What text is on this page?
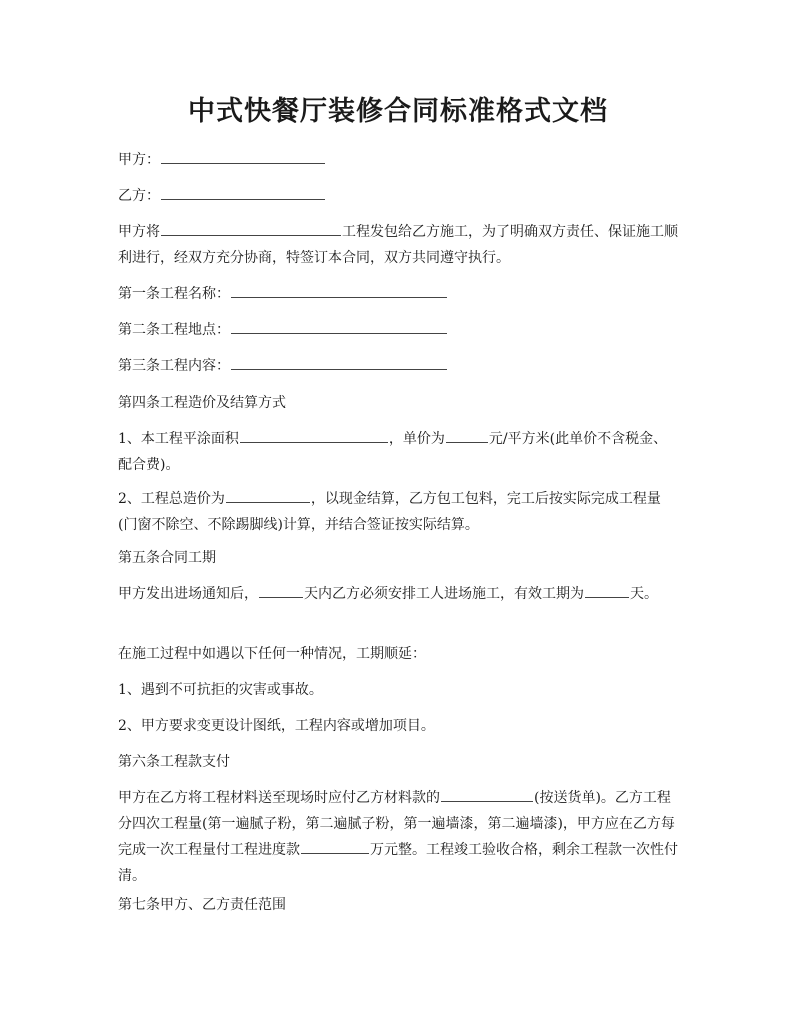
中式快餐厅装修合同标准格式文档

甲方：

乙方：

甲方将	工程发包给乙方施工，为了明确双方责任、保证施工顺利进行，经双方充分协商，特签订本合同，双方共同遵守执行。

第一条工程名称：

第二条工程地点：

第三条工程内容：

第四条工程造价及结算方式

1、本工程平涂面积	，单价为	元/平方米(此单价不含税金、配合费)。

2、工程总造价为	，以现金结算，乙方包工包料，完工后按实际完成工程量(门窗不除空、不除踢脚线)计算，并结合签证按实际结算。

第五条合同工期

甲方发出进场通知后，	天内乙方必须安排工人进场施工，有效工期为	天。

在施工过程中如遇以下任何一种情况，工期顺延：

1、遇到不可抗拒的灾害或事故。

2、甲方要求变更设计图纸，工程内容或增加项目。

第六条工程款支付

甲方在乙方将工程材料送至现场时应付乙方材料款的	(按送货单)。乙方工程分四次工程量(第一遍腻子粉，第二遍腻子粉，第一遍墙漆，第二遍墙漆)，甲方应在乙方每完成一次工程量付工程进度款	万元整。工程竣工验收合格，剩余工程款一次性付清。

第七条甲方、乙方责任范围
